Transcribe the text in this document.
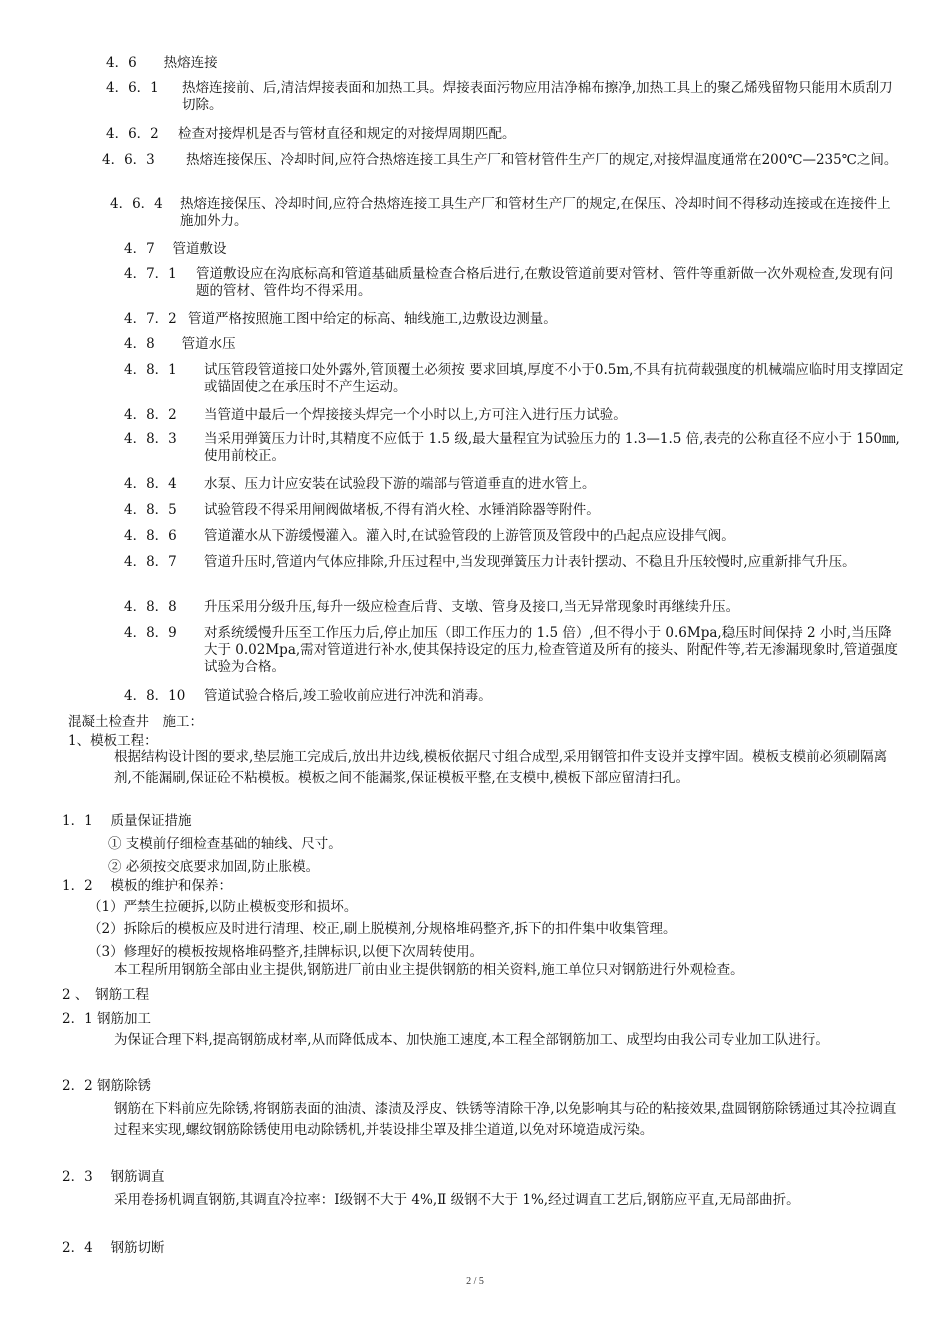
4．6　　热熔连接
4．6．1 热熔连接前、后,清洁焊接表面和加热工具。焊接表面污物应用洁净棉布擦净,加热工具上的聚乙烯残留物只能用木质刮刀切除。
4．6．2 检查对接焊机是否与管材直径和规定的对接焊周期匹配。
4．6．3 热熔连接保压、冷却时间,应符合热熔连接工具生产厂和管材管件生产厂的规定,对接焊温度通常在200℃—235℃之间。
4．6．4 热熔连接保压、冷却时间,应符合热熔连接工具生产厂和管材生产厂的规定,在保压、冷却时间不得移动连接或在连接件上施加外力。
4．7　 管道敷设
4．7．1 管道敷设应在沟底标高和管道基础质量检查合格后进行,在敷设管道前要对管材、管件等重新做一次外观检查,发现有问题的管材、管件均不得采用。
4．7．2 管道严格按照施工图中给定的标高、轴线施工,边敷设边测量。
4．8　　管道水压
4．8．1 试压管段管道接口处外露外,管顶覆土必须按 要求回填,厚度不小于0.5m,不具有抗荷载强度的机械端应临时用支撑固定或锚固使之在承压时不产生运动。
4．8．2 当管道中最后一个焊接接头焊完一个小时以上,方可注入进行压力试验。
4．8．3 当采用弹簧压力计时,其精度不应低于 1.5 级,最大量程宜为试验压力的 1.3—1.5 倍,表壳的公称直径不应小于 150㎜,使用前校正。
4．8．4 水泵、压力计应安装在试验段下游的端部与管道垂直的进水管上。
4．8．5 试验管段不得采用闸阀做堵板,不得有消火栓、水锤消除器等附件。
4．8．6 管道灌水从下游缓慢灌入。灌入时,在试验管段的上游管顶及管段中的凸起点应设排气阀。
4．8．7 管道升压时,管道内气体应排除,升压过程中,当发现弹簧压力计表针摆动、不稳且升压较慢时,应重新排气升压。
4．8．8 升压采用分级升压,每升一级应检查后背、支墩、管身及接口,当无异常现象时再继续升压。
4．8．9 对系统缓慢升压至工作压力后,停止加压（即工作压力的 1.5 倍）,但不得小于 0.6Mpa,稳压时间保持 2 小时,当压降大于 0.02Mpa,需对管道进行补水,使其保持设定的压力,检查管道及所有的接头、附配件等,若无渗漏现象时,管道强度试验为合格。
4．8．10 管道试验合格后,竣工验收前应进行冲洗和消毒。
混凝土检查井　施工：
1、模板工程：
根据结构设计图的要求,垫层施工完成后,放出井边线,模板依据尺寸组合成型,采用钢管扣件支设并支撑牢固。模板支模前必须刷隔离剂,不能漏刷,保证砼不粘模板。模板之间不能漏浆,保证模板平整,在支模中,模板下部应留清扫孔。
1．1　 质量保证措施
① 支模前仔细检查基础的轴线、尺寸。
② 必须按交底要求加固,防止胀模。
1．2　 模板的维护和保养：
（1）严禁生拉硬拆,以防止模板变形和损坏。
（2）拆除后的模板应及时进行清理、校正,刷上脱模剂,分规格堆码整齐,拆下的扣件集中收集管理。
（3）修理好的模板按规格堆码整齐,挂牌标识,以便下次周转使用。
本工程所用钢筋全部由业主提供,钢筋进厂前由业主提供钢筋的相关资料,施工单位只对钢筋进行外观检查。
2 、　钢筋工程
2．1 钢筋加工
为保证合理下料,提高钢筋成材率,从而降低成本、加快施工速度,本工程全部钢筋加工、成型均由我公司专业加工队进行。
2．2 钢筋除锈
钢筋在下料前应先除锈,将钢筋表面的油渍、漆渍及浮皮、铁锈等清除干净,以免影响其与砼的粘接效果,盘圆钢筋除锈通过其冷拉调直过程来实现,螺纹钢筋除锈使用电动除锈机,并装设排尘罩及排尘道道,以免对环境造成污染。
2．3　 钢筋调直
采用卷扬机调直钢筋,其调直冷拉率：Ⅰ级钢不大于 4%,Ⅱ 级钢不大于 1%,经过调直工艺后,钢筋应平直,无局部曲折。
2．4　 钢筋切断
2 / 5
